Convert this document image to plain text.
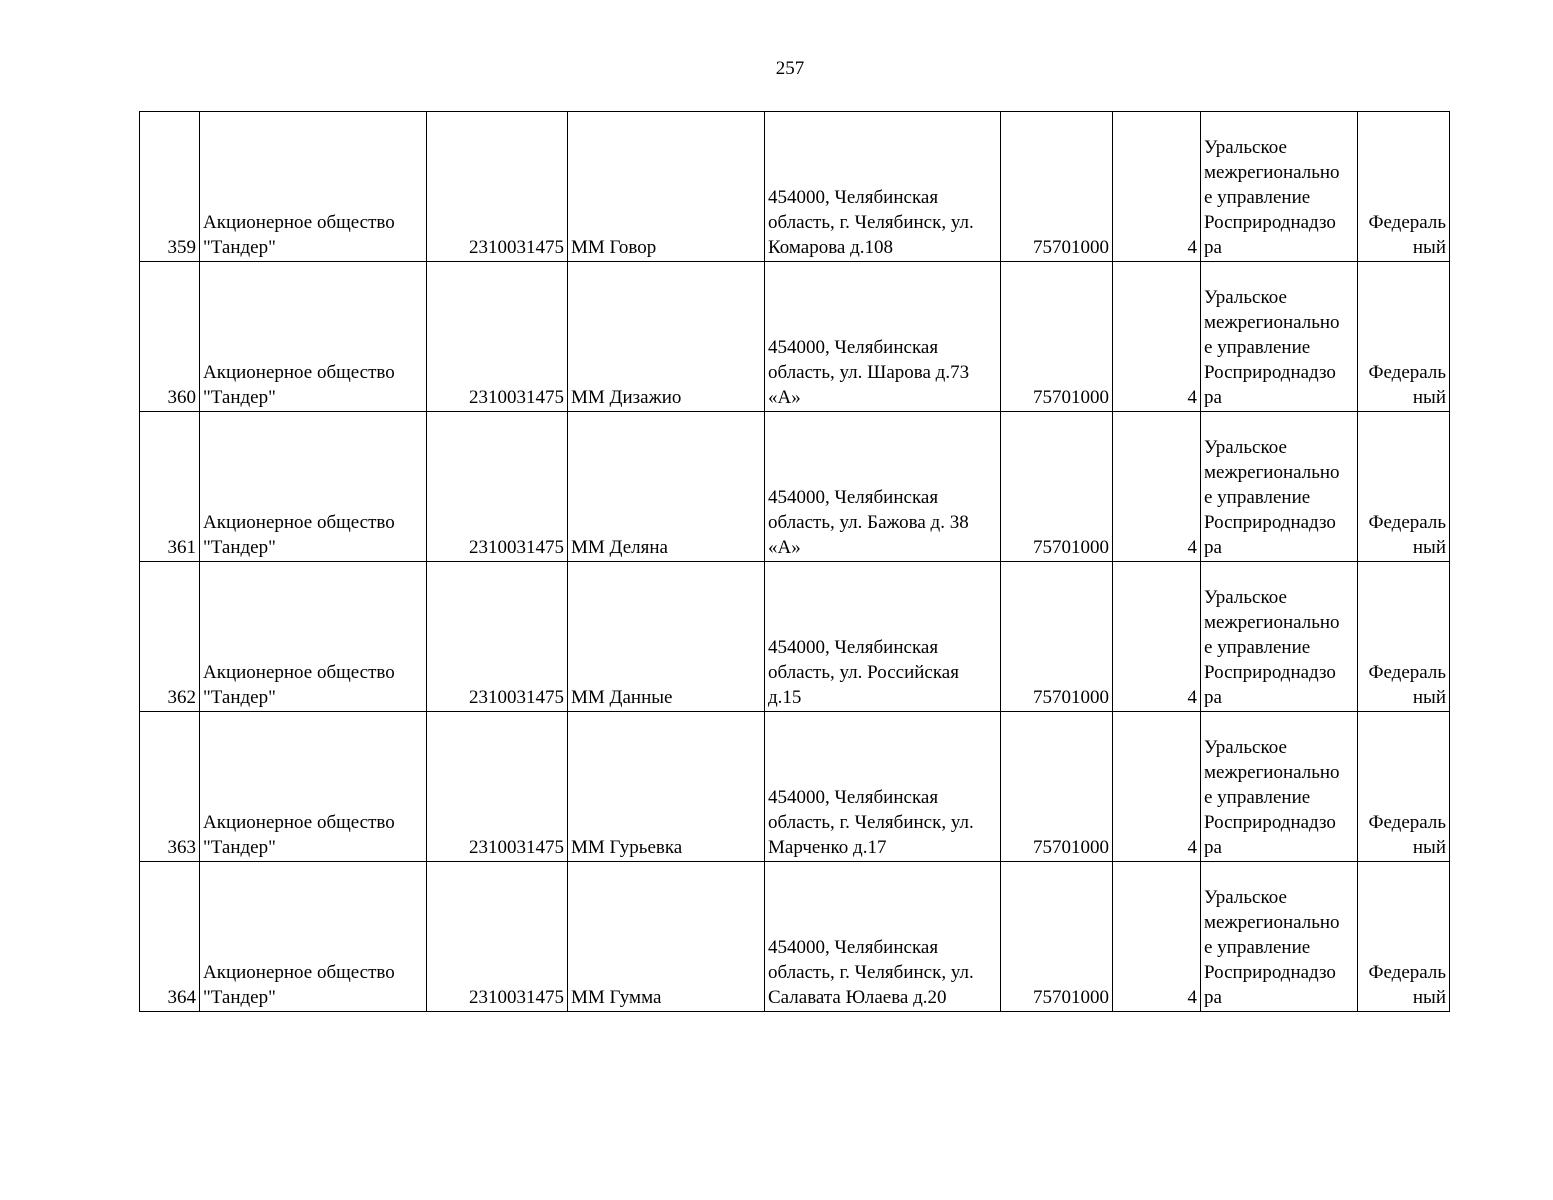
257
359	Акционерное общество
"Тандер"	2310031475	ММ Говор	454000, Челябинская
область, г. Челябинск, ул.
Комарова д.108	75701000	4	Уральское
межрегионально
е управление
Росприроднадзо
ра	Федераль
ный
360	Акционерное общество
"Тандер"	2310031475	ММ Дизажио	454000, Челябинская
область, ул. Шарова д.73
«А»	75701000	4	Уральское
межрегионально
е управление
Росприроднадзо
ра	Федераль
ный
361	Акционерное общество
"Тандер"	2310031475	ММ Деляна	454000, Челябинская
область, ул. Бажова д. 38
«А»	75701000	4	Уральское
межрегионально
е управление
Росприроднадзо
ра	Федераль
ный
362	Акционерное общество
"Тандер"	2310031475	ММ Данные	454000, Челябинская
область, ул. Российская
д.15	75701000	4	Уральское
межрегионально
е управление
Росприроднадзо
ра	Федераль
ный
363	Акционерное общество
"Тандер"	2310031475	ММ Гурьевка	454000, Челябинская
область, г. Челябинск, ул.
Марченко д.17	75701000	4	Уральское
межрегионально
е управление
Росприроднадзо
ра	Федераль
ный
364	Акционерное общество
"Тандер"	2310031475	ММ Гумма	454000, Челябинская
область, г. Челябинск, ул.
Салавата Юлаева д.20	75701000	4	Уральское
межрегионально
е управление
Росприроднадзо
ра	Федераль
ный
